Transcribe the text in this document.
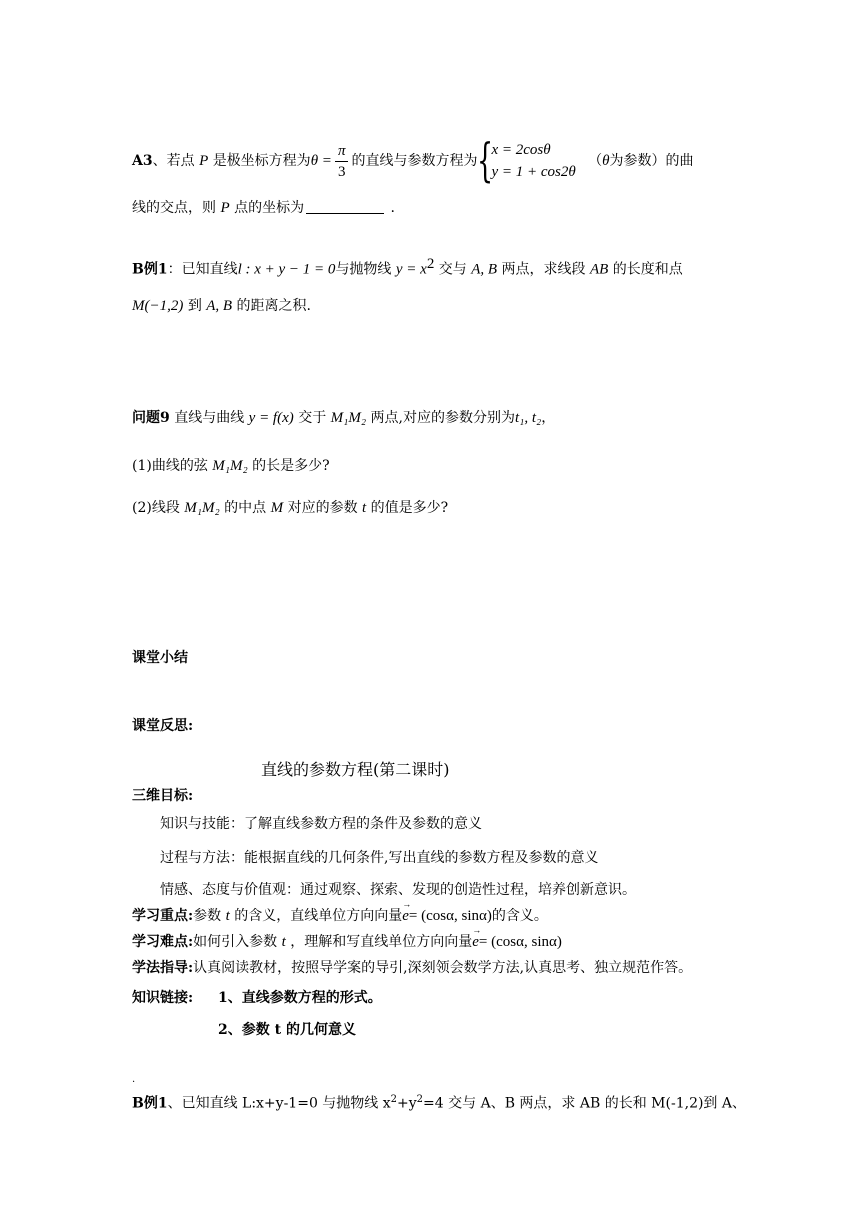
A3、若点 P 是极坐标方程为$\theta = \frac{\pi}{3}$ 的直线与参数方程为 {
x = 2cosθ
y = 1 + cos2θ
（θ为参数）的曲
线的交点，则 P 点的坐标为	.
B例1：已知直线l : x + y − 1 = 0与抛物线 $y = x^2$ 交与 A, B 两点，求线段 AB 的长度和点
M(−1,2) 到 A, B 的距离之积.
问题9 直线与曲线 y = f(x) 交于 M₁M₂ 两点,对应的参数分别为t₁, t₂，
(1)曲线的弦 M₁M₂ 的长是多少?
(2)线段 M₁M₂ 的中点 M 对应的参数 t 的值是多少?
课堂小结
课堂反思:
直线的参数方程(第二课时)
三维目标:
知识与技能：了解直线参数方程的条件及参数的意义
过程与方法：能根据直线的几何条件,写出直线的参数方程及参数的意义
情感、态度与价值观：通过观察、探索、发现的创造性过程，培养创新意识。
学习重点:参数 t 的含义，直线单位方向向量→ e= (cosα, sinα)的含义。
学习难点:如何引入参数 t ，理解和写直线单位方向向量→ e= (cosα, sinα)
学法指导:认真阅读教材，按照导学案的导引,深刻领会数学方法,认真思考、独立规范作答。
知识链接: 1、直线参数方程的形式。
2、参数 t 的几何意义
.
B例1、已知直线 L:x+y-1=0 与抛物线 $x^2+y^2=4$ 交与 A、B 两点，求 AB 的长和 M(-1,2)到 A、
